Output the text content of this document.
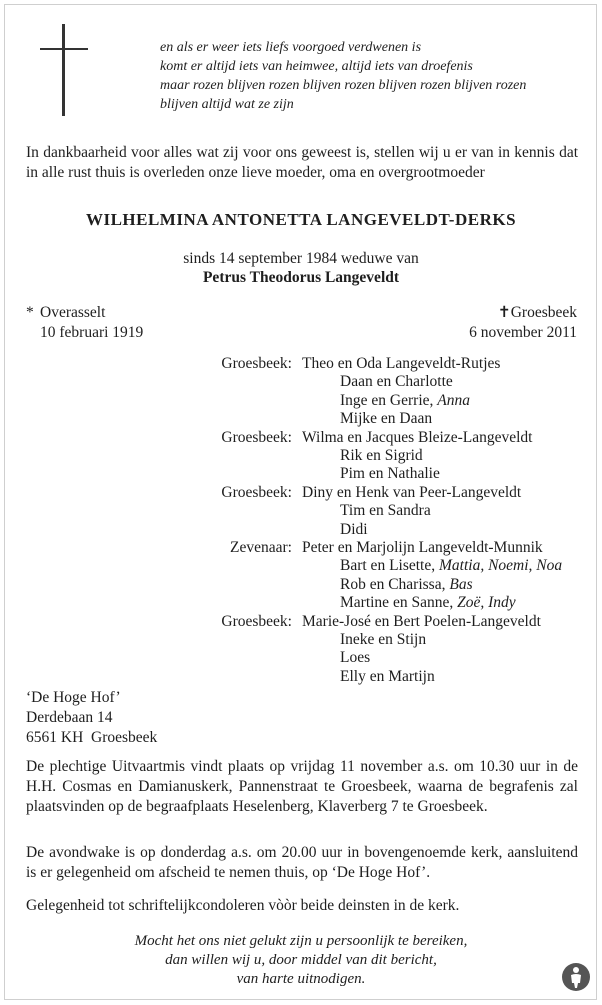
en als er weer iets liefs voorgoed verdwenen is
komt er altijd iets van heimwee, altijd iets van droefenis
maar rozen blijven rozen blijven rozen blijven rozen blijven rozen
blijven altijd wat ze zijn
In dankbaarheid voor alles wat zij voor ons geweest is, stellen wij u er van in kennis dat in alle rust thuis is overleden onze lieve moeder, oma en overgrootmoeder
WILHELMINA ANTONETTA LANGEVELDT-DERKS
sinds 14 september 1984 weduwe van
Petrus Theodorus Langeveldt
* Overasselt
10 februari 1919
✝Groesbeek
6 november 2011
Groesbeek: Theo en Oda Langeveldt-Rutjes
Daan en Charlotte
Inge en Gerrie, Anna
Mijke en Daan
Groesbeek: Wilma en Jacques Bleize-Langeveldt
Rik en Sigrid
Pim en Nathalie
Groesbeek: Diny en Henk van Peer-Langeveldt
Tim en Sandra
Didi
Zevenaar: Peter en Marjolijn Langeveldt-Munnik
Bart en Lisette, Mattia, Noemi, Noa
Rob en Charissa, Bas
Martine en Sanne, Zoë, Indy
Groesbeek: Marie-José en Bert Poelen-Langeveldt
Ineke en Stijn
Loes
Elly en Martijn
‘De Hoge Hof’
Derdebaan 14
6561 KH  Groesbeek
De plechtige Uitvaartmis vindt plaats op vrijdag 11 november a.s. om 10.30 uur in de H.H. Cosmas en Damianuskerk, Pannenstraat te Groesbeek, waarna de begrafenis zal plaatsvinden op de begraafplaats Heselenberg, Klaverberg 7 te Groesbeek.
De avondwake is op donderdag a.s. om 20.00 uur in bovengenoemde kerk, aansluitend is er gelegenheid om afscheid te nemen thuis, op ‘De Hoge Hof’.
Gelegenheid tot schriftelijkcondoleren vòòr beide deinsten in de kerk.
Mocht het ons niet gelukt zijn u persoonlijk te bereiken,
dan willen wij u, door middel van dit bericht,
van harte uitnodigen.
